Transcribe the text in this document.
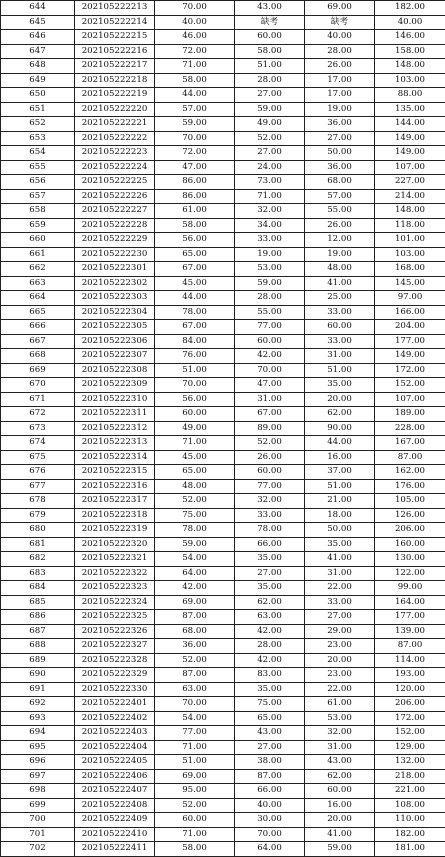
644	202105222213	70.00	43.00	69.00	182.00
645	202105222214	40.00	缺考	缺考	40.00
646	202105222215	46.00	60.00	40.00	146.00
647	202105222216	72.00	58.00	28.00	158.00
648	202105222217	71.00	51.00	26.00	148.00
649	202105222218	58.00	28.00	17.00	103.00
650	202105222219	44.00	27.00	17.00	88.00
651	202105222220	57.00	59.00	19.00	135.00
652	202105222221	59.00	49.00	36.00	144.00
653	202105222222	70.00	52.00	27.00	149.00
654	202105222223	72.00	27.00	50.00	149.00
655	202105222224	47.00	24.00	36.00	107.00
656	202105222225	86.00	73.00	68.00	227.00
657	202105222226	86.00	71.00	57.00	214.00
658	202105222227	61.00	32.00	55.00	148.00
659	202105222228	58.00	34.00	26.00	118.00
660	202105222229	56.00	33.00	12.00	101.00
661	202105222230	65.00	19.00	19.00	103.00
662	202105222301	67.00	53.00	48.00	168.00
663	202105222302	45.00	59.00	41.00	145.00
664	202105222303	44.00	28.00	25.00	97.00
665	202105222304	78.00	55.00	33.00	166.00
666	202105222305	67.00	77.00	60.00	204.00
667	202105222306	84.00	60.00	33.00	177.00
668	202105222307	76.00	42.00	31.00	149.00
669	202105222308	51.00	70.00	51.00	172.00
670	202105222309	70.00	47.00	35.00	152.00
671	202105222310	56.00	31.00	20.00	107.00
672	202105222311	60.00	67.00	62.00	189.00
673	202105222312	49.00	89.00	90.00	228.00
674	202105222313	71.00	52.00	44.00	167.00
675	202105222314	45.00	26.00	16.00	87.00
676	202105222315	65.00	60.00	37.00	162.00
677	202105222316	48.00	77.00	51.00	176.00
678	202105222317	52.00	32.00	21.00	105.00
679	202105222318	75.00	33.00	18.00	126.00
680	202105222319	78.00	78.00	50.00	206.00
681	202105222320	59.00	66.00	35.00	160.00
682	202105222321	54.00	35.00	41.00	130.00
683	202105222322	64.00	27.00	31.00	122.00
684	202105222323	42.00	35.00	22.00	99.00
685	202105222324	69.00	62.00	33.00	164.00
686	202105222325	87.00	63.00	27.00	177.00
687	202105222326	68.00	42.00	29.00	139.00
688	202105222327	36.00	28.00	23.00	87.00
689	202105222328	52.00	42.00	20.00	114.00
690	202105222329	87.00	83.00	23.00	193.00
691	202105222330	63.00	35.00	22.00	120.00
692	202105222401	70.00	75.00	61.00	206.00
693	202105222402	54.00	65.00	53.00	172.00
694	202105222403	77.00	43.00	32.00	152.00
695	202105222404	71.00	27.00	31.00	129.00
696	202105222405	51.00	38.00	43.00	132.00
697	202105222406	69.00	87.00	62.00	218.00
698	202105222407	95.00	66.00	60.00	221.00
699	202105222408	52.00	40.00	16.00	108.00
700	202105222409	60.00	30.00	20.00	110.00
701	202105222410	71.00	70.00	41.00	182.00
702	202105222411	58.00	64.00	59.00	181.00
